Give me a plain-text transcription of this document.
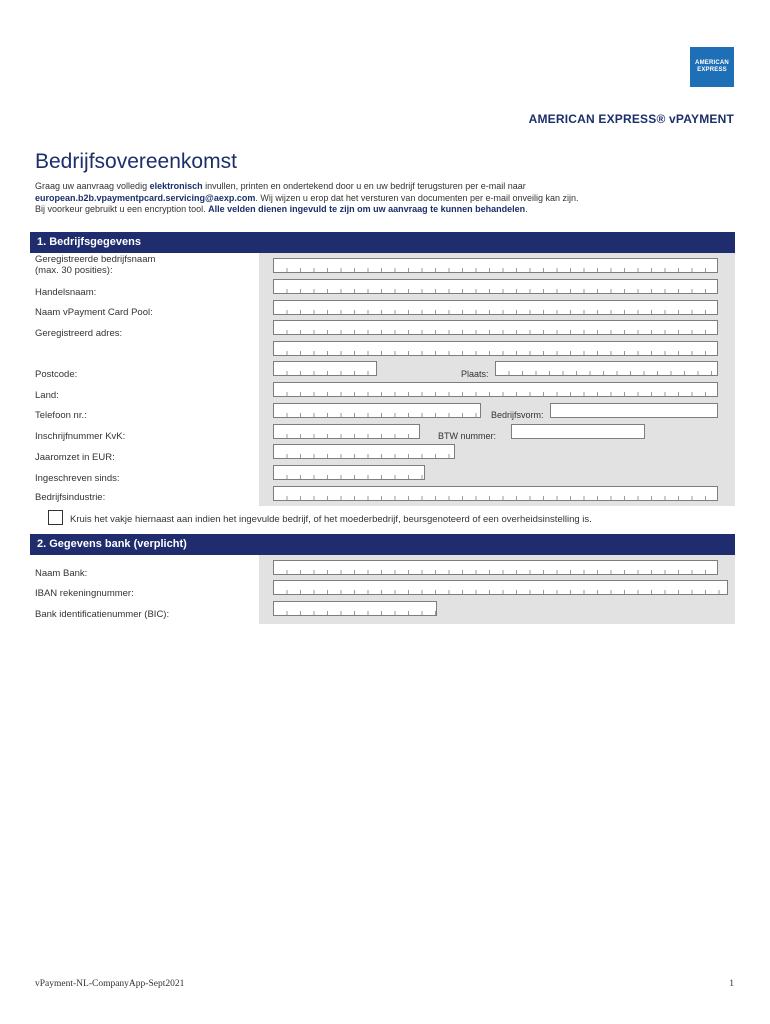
AMERICAN
EXPRESS
AMERICAN EXPRESS® vPAYMENT
Bedrijfsovereenkomst
Graag uw aanvraag volledig elektronisch invullen, printen en ondertekend door u en uw bedrijf terugsturen per e-mail naar
european.b2b.vpaymentpcard.servicing@aexp.com. Wij wijzen u erop dat het versturen van documenten per e-mail onveilig kan zijn.
Bij voorkeur gebruikt u een encryption tool. Alle velden dienen ingevuld te zijn om uw aanvraag te kunnen behandelen.
1. Bedrijfsgegevens
Geregistreerde bedrijfsnaam
(max. 30 posities):
Handelsnaam:
Naam vPayment Card Pool:
Geregistreerd adres:
Postcode:	Plaats:
Land:
Telefoon nr.:	Bedrijfsvorm:
Inschrijfnummer KvK:	BTW nummer:
Jaaromzet in EUR:
Ingeschreven sinds:
Bedrijfsindustrie:
Kruis het vakje hiernaast aan indien het ingevulde bedrijf, of het moederbedrijf, beursgenoteerd of een overheidsinstelling is.
2. Gegevens bank (verplicht)
Naam Bank:
IBAN rekeningnummer:
Bank identificatienummer (BIC):
vPayment-NL-CompanyApp-Sept2021	1
